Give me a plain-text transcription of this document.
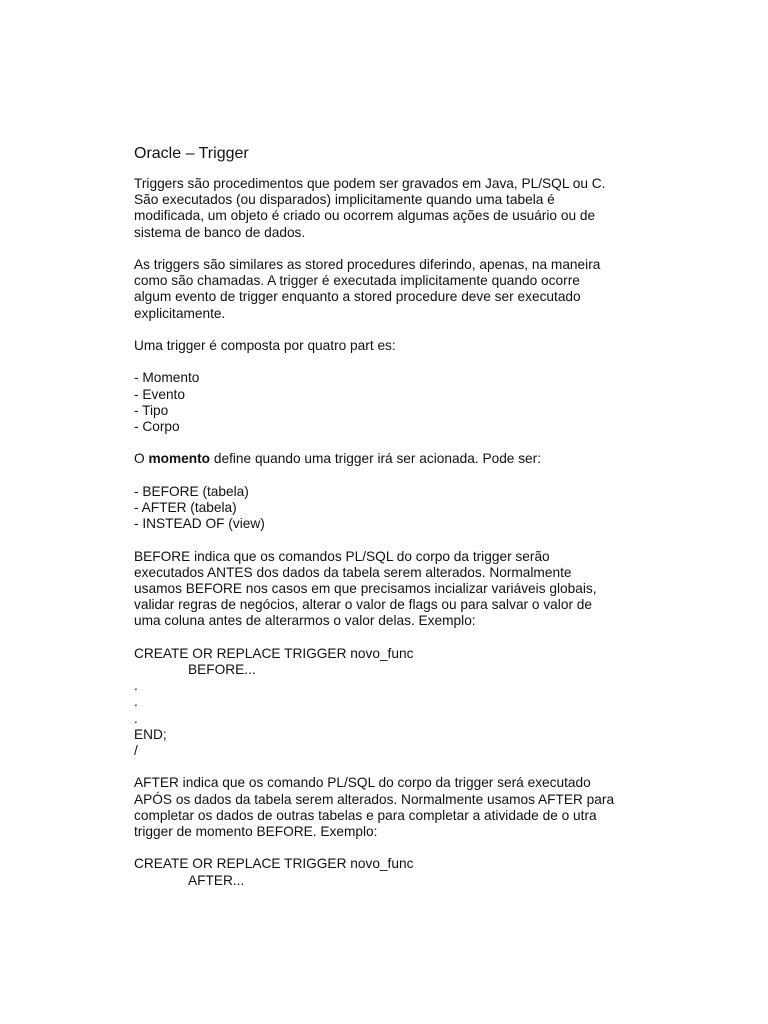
Oracle – Trigger

Triggers são procedimentos que podem ser gravados em Java, PL/SQL ou C.

São executados (ou disparados) implicitamente quando uma tabela é

modificada, um objeto é criado ou ocorrem algumas ações de usuário ou de

sistema de banco de dados.

As triggers são similares as stored procedures diferindo, apenas, na maneira

como são chamadas. A trigger é executada implicitamente quando ocorre

algum evento de trigger enquanto a stored procedure deve ser executado

explicitamente.

Uma trigger é composta por quatro part es:

- Momento

- Evento

- Tipo

- Corpo

O momento define quando uma trigger irá ser acionada. Pode ser:

- BEFORE (tabela)

- AFTER (tabela)

- INSTEAD OF (view)

BEFORE indica que os comandos PL/SQL do corpo da trigger serão

executados ANTES dos dados da tabela serem alterados. Normalmente

usamos BEFORE nos casos em que precisamos incializar variáveis globais,

validar regras de negócios, alterar o valor de flags ou para salvar o valor de

uma coluna antes de alterarmos o valor delas. Exemplo:

CREATE OR REPLACE TRIGGER novo_func

BEFORE...

.

.

.

END;

/

AFTER indica que os comando PL/SQL do corpo da trigger será executado

APÓS os dados da tabela serem alterados. Normalmente usamos AFTER para

completar os dados de outras tabelas e para completar a atividade de o utra

trigger de momento BEFORE. Exemplo:

CREATE OR REPLACE TRIGGER novo_func

AFTER...
